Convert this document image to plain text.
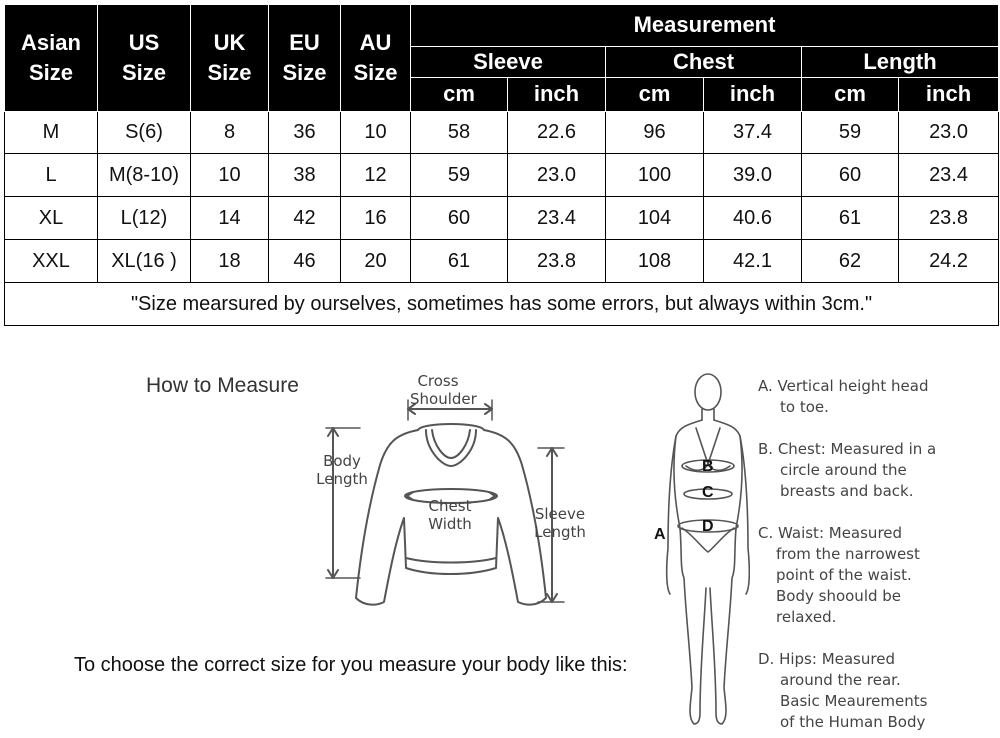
Asian Size	US Size	UK Size	EU Size	AU Size	Measurement					
					Sleeve		Chest		Length	
					cm	inch	cm	inch	cm	inch
M	S(6)	8	36	10	58	22.6	96	37.4	59	23.0
L	M(8-10)	10	38	12	59	23.0	100	39.0	60	23.4
XL	L(12)	14	42	16	60	23.4	104	40.6	61	23.8
XXL	XL(16 )	18	46	20	61	23.8	108	42.1	62	24.2
"Size mearsured by ourselves, sometimes has some errors, but always within 3cm."										
How to Measure
To choose the correct size for you measure your body like this:
Cross Shoulder
Body Length
Chest Width
Sleeve Length	A
B
C
D
A. Vertical height head
to toe.
B. Chest: Measured in a
circle around the
breasts and back.
C. Waist: Measured
from the narrowest
point of the waist.
Body shoould be
relaxed.
D. Hips: Measured
around the rear.
Basic Meaurements
of the Human Body
